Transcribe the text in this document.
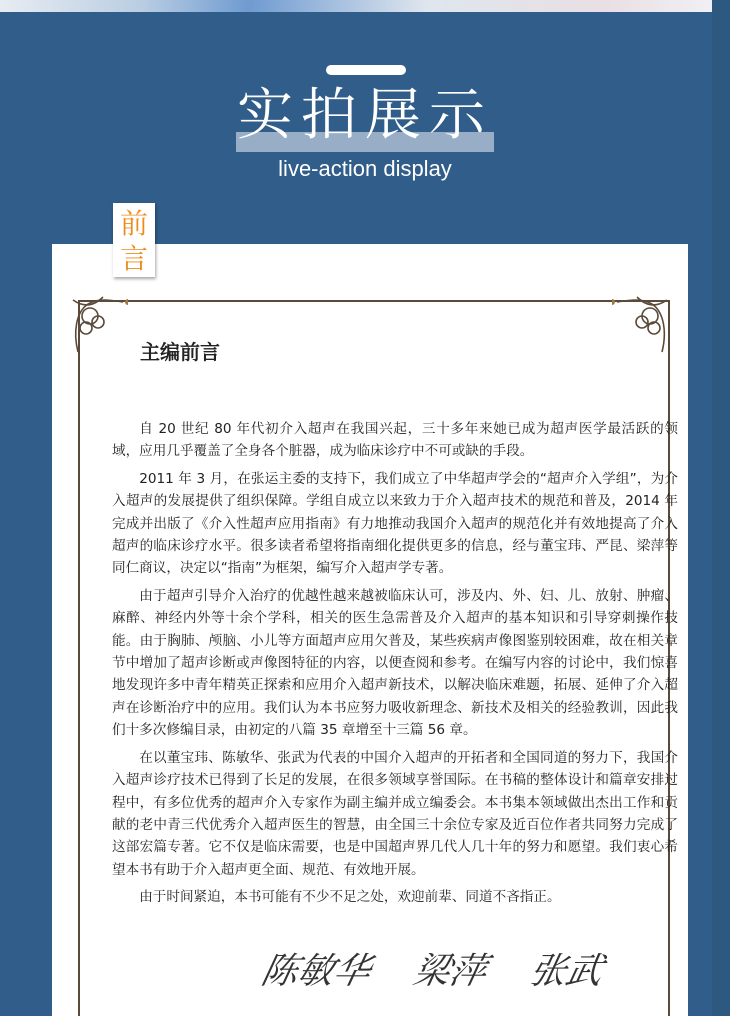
实拍展示
live-action display
前
言
主编前言

自 20 世纪 80 年代初介入超声在我国兴起，三十多年来她已成为超声医学最活跃的领域，应用几乎覆盖了全身各个脏器，成为临床诊疗中不可或缺的手段。

2011 年 3 月，在张运主委的支持下，我们成立了中华超声学会的“超声介入学组”，为介入超声的发展提供了组织保障。学组自成立以来致力于介入超声技术的规范和普及，2014 年完成并出版了《介入性超声应用指南》有力地推动我国介入超声的规范化并有效地提高了介入超声的临床诊疗水平。很多读者希望将指南细化提供更多的信息，经与董宝玮、严昆、梁萍等同仁商议，决定以“指南”为框架，编写介入超声学专著。

由于超声引导介入治疗的优越性越来越被临床认可，涉及内、外、妇、儿、放射、肿瘤、麻醉、神经内外等十余个学科，相关的医生急需普及介入超声的基本知识和引导穿刺操作技能。由于胸肺、颅脑、小儿等方面超声应用欠普及，某些疾病声像图鉴别较困难，故在相关章节中增加了超声诊断或声像图特征的内容，以便查阅和参考。在编写内容的讨论中，我们惊喜地发现许多中青年精英正探索和应用介入超声新技术，以解决临床难题，拓展、延伸了介入超声在诊断治疗中的应用。我们认为本书应努力吸收新理念、新技术及相关的经验教训，因此我们十多次修编目录，由初定的八篇 35 章增至十三篇 56 章。

在以董宝玮、陈敏华、张武为代表的中国介入超声的开拓者和全国同道的努力下，我国介入超声诊疗技术已得到了长足的发展，在很多领域享誉国际。在书稿的整体设计和篇章安排过程中，有多位优秀的超声介入专家作为副主编并成立编委会。本书集本领域做出杰出工作和贡献的老中青三代优秀介入超声医生的智慧，由全国三十余位专家及近百位作者共同努力完成了这部宏篇专著。它不仅是临床需要，也是中国超声界几代人几十年的努力和愿望。我们衷心希望本书有助于介入超声更全面、规范、有效地开展。

由于时间紧迫，本书可能有不少不足之处，欢迎前辈、同道不吝指正。

陈敏华 梁萍 张武
